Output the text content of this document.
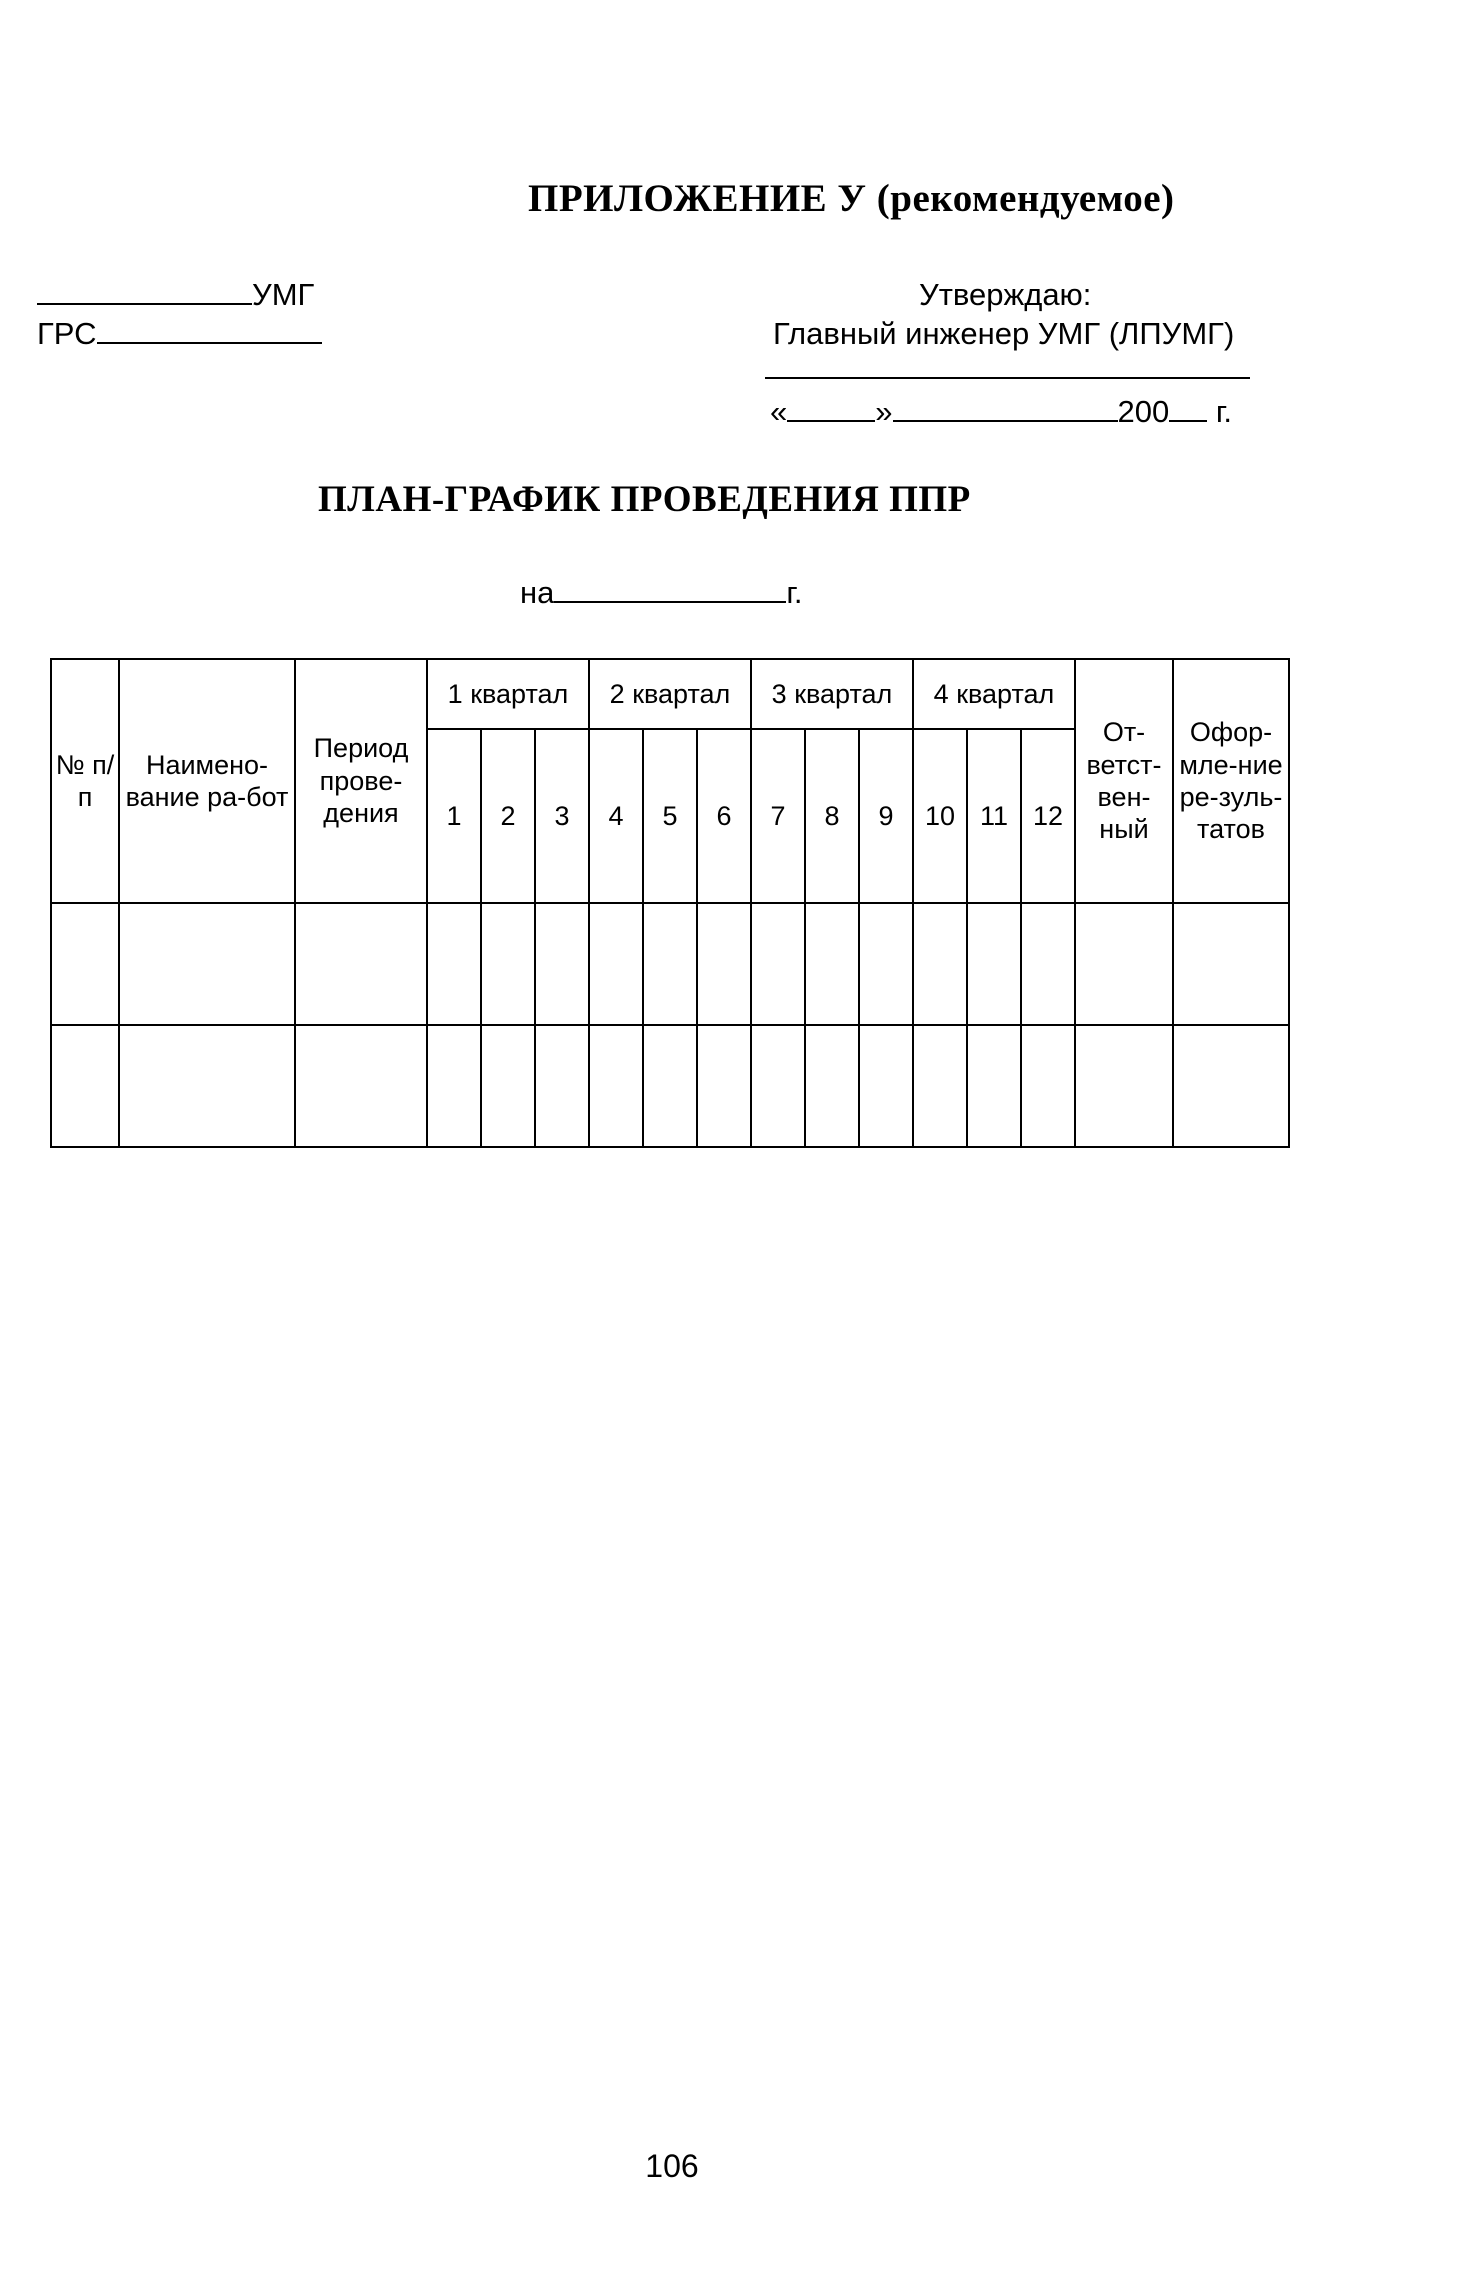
ПРИЛОЖЕНИЕ У (рекомендуемое)
УМГ
ГРС
Утверждаю:
Главный инженер УМГ (ЛПУМГ)
«	»	200 г.
ПЛАН-ГРАФИК ПРОВЕДЕНИЯ ППР
на	г.
№ п/п	Наимено-вание ра-бот	Период прове-дения	1 квартал			2 квартал			3 квартал			4 квартал			От-ветст-вен-ный	Офор-мле-ние ре-зуль-татов
			1	2	3	4	5	6	7	8	9	10	11	12		

106
